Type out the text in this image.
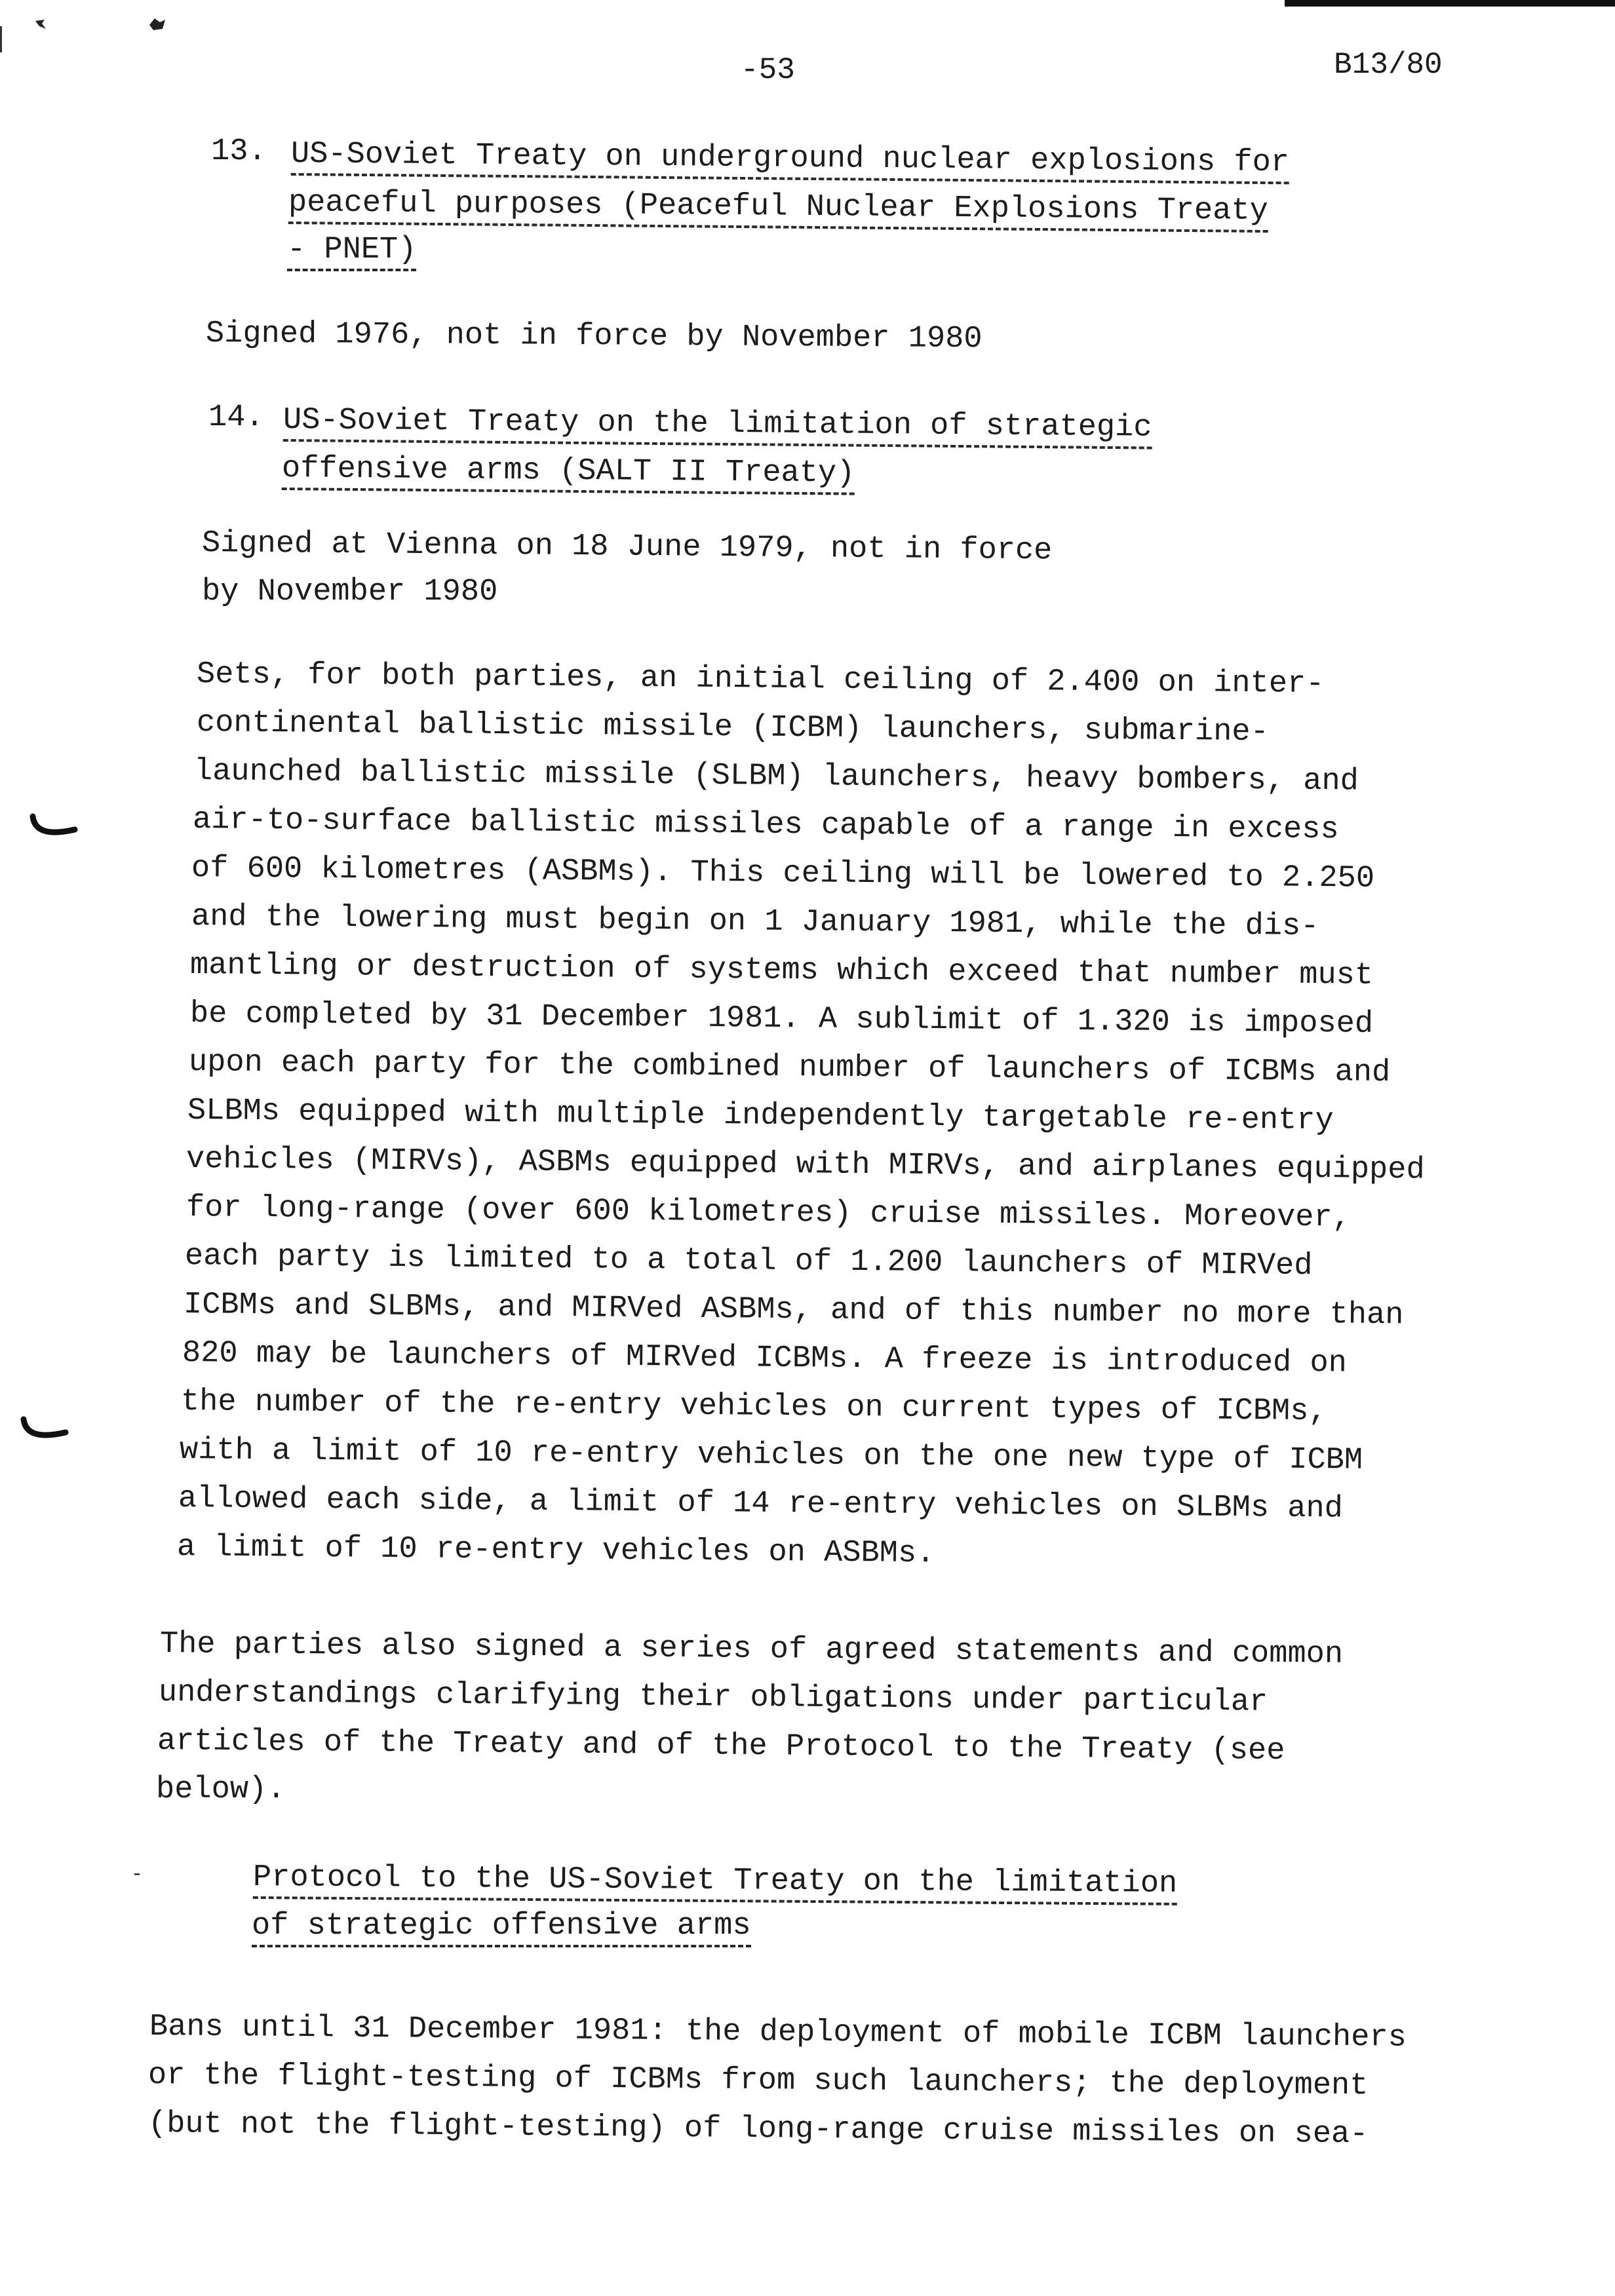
-53	B13/80
13. US-Soviet Treaty on underground nuclear explosions for
peaceful purposes (Peaceful Nuclear Explosions Treaty
- PNET)
Signed 1976, not in force by November 1980
14. US-Soviet Treaty on the limitation of strategic
offensive arms (SALT II Treaty)
Signed at Vienna on 18 June 1979, not in force
by November 1980
Sets, for both parties, an initial ceiling of 2.400 on inter-
continental ballistic missile (ICBM) launchers, submarine-
launched ballistic missile (SLBM) launchers, heavy bombers, and
air-to-surface ballistic missiles capable of a range in excess
of 600 kilometres (ASBMs). This ceiling will be lowered to 2.250
and the lowering must begin on 1 January 1981, while the dis-
mantling or destruction of systems which exceed that number must
be completed by 31 December 1981. A sublimit of 1.320 is imposed
upon each party for the combined number of launchers of ICBMs and
SLBMs equipped with multiple independently targetable re-entry
vehicles (MIRVs), ASBMs equipped with MIRVs, and airplanes equipped
for long-range (over 600 kilometres) cruise missiles. Moreover,
each party is limited to a total of 1.200 launchers of MIRVed
ICBMs and SLBMs, and MIRVed ASBMs, and of this number no more than
820 may be launchers of MIRVed ICBMs. A freeze is introduced on
the number of the re-entry vehicles on current types of ICBMs,
with a limit of 10 re-entry vehicles on the one new type of ICBM
allowed each side, a limit of 14 re-entry vehicles on SLBMs and
a limit of 10 re-entry vehicles on ASBMs.
The parties also signed a series of agreed statements and common
understandings clarifying their obligations under particular
articles of the Treaty and of the Protocol to the Treaty (see
below).
Protocol to the US-Soviet Treaty on the limitation
of strategic offensive arms
-
Bans until 31 December 1981: the deployment of mobile ICBM launchers
or the flight-testing of ICBMs from such launchers; the deployment
(but not the flight-testing) of long-range cruise missiles on sea-
